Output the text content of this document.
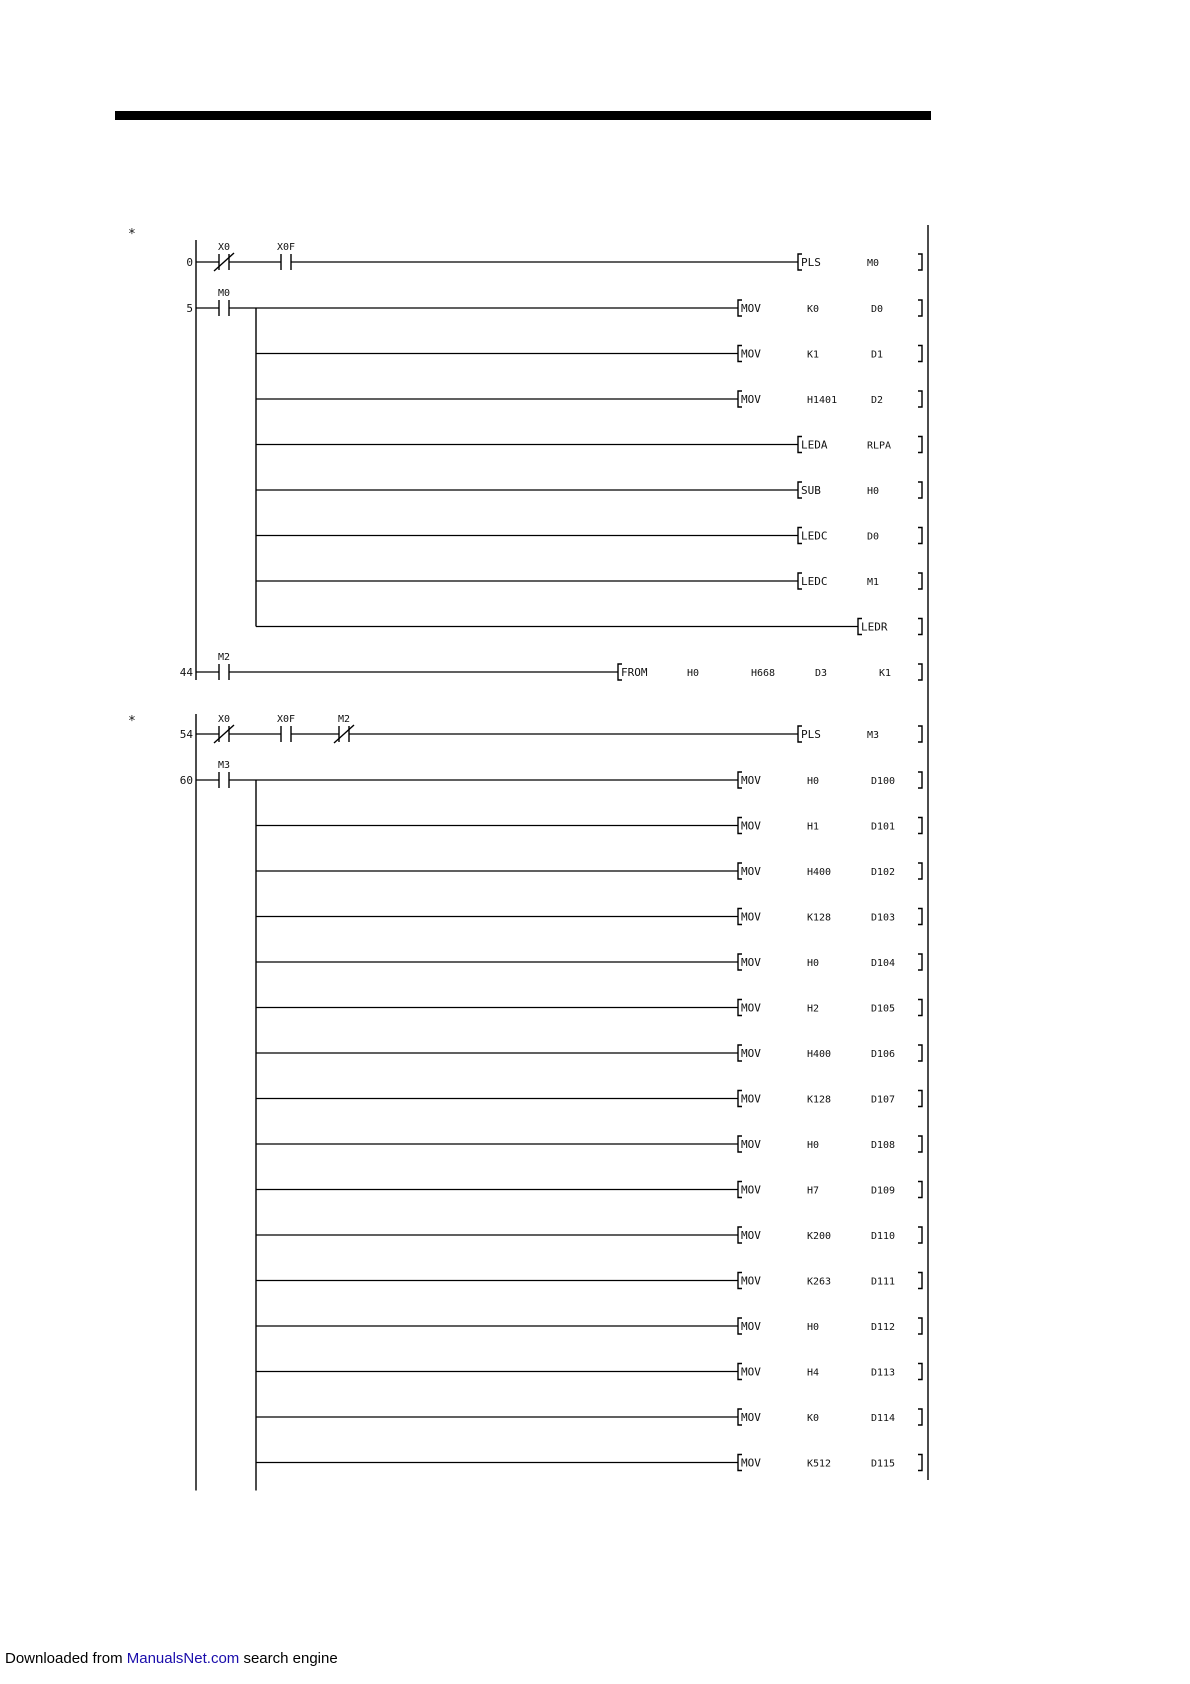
*
0
X0	X0F
PLS	M0
5
M0
MOV	K0	D0
MOV	K1	D1
MOV	H1401	D2
LEDA	RLPA
SUB	H0
LEDC	D0
LEDC	M1
LEDR
44
M2
FROM	H0	H668	D3	K1
*
54
X0	X0F	M2
PLS	M3
60
M3
MOV	H0	D100
MOV	H1	D101
MOV	H400	D102
MOV	K128	D103
MOV	H0	D104
MOV	H2	D105
MOV	H400	D106
MOV	K128	D107
MOV	H0	D108
MOV	H7	D109
MOV	K200	D110
MOV	K263	D111
MOV	H0	D112
MOV	H4	D113
MOV	K0	D114
MOV	K512	D115
Downloaded from ManualsNet.com search engine
